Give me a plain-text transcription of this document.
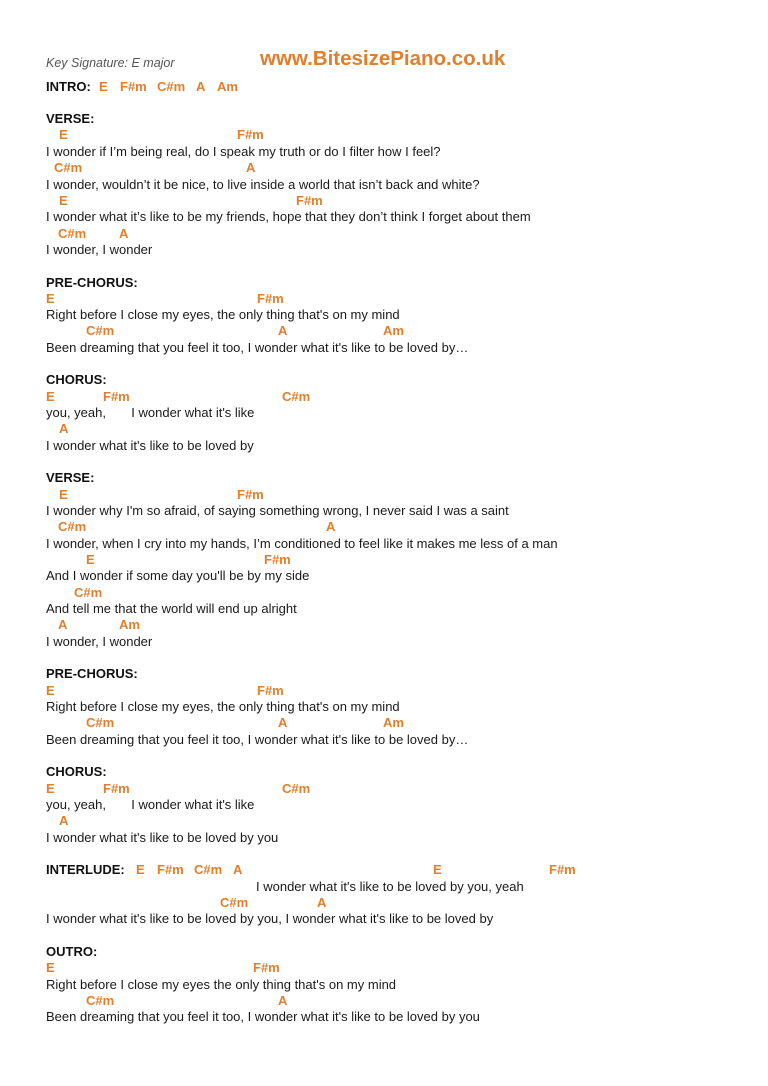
Key Signature: E major	www.BitesizePiano.co.uk
INTRO: E F#m C#m A Am
VERSE:
E	F#m
I wonder if I’m being real, do I speak my truth or do I filter how I feel?
C#m	A
I wonder, wouldn’t it be nice, to live inside a world that isn’t back and white?
E	F#m
I wonder what it’s like to be my friends, hope that they don’t think I forget about them
C#m	A
I wonder, I wonder
PRE-CHORUS:
E	F#m
Right before I close my eyes, the only thing that's on my mind
C#m	A	Am
Been dreaming that you feel it too, I wonder what it's like to be loved by…
CHORUS:
E	F#m	C#m
you, yeah,       I wonder what it's like
A
I wonder what it's like to be loved by
VERSE:
E	F#m
I wonder why I'm so afraid, of saying something wrong, I never said I was a saint
C#m	A
I wonder, when I cry into my hands, I’m conditioned to feel like it makes me less of a man
E	F#m
And I wonder if some day you'll be by my side
C#m
And tell me that the world will end up alright
A	Am
I wonder, I wonder
PRE-CHORUS:
E	F#m
Right before I close my eyes, the only thing that's on my mind
C#m	A	Am
Been dreaming that you feel it too, I wonder what it's like to be loved by…
CHORUS:
E	F#m	C#m
you, yeah,       I wonder what it's like
A
I wonder what it's like to be loved by you
INTERLUDE: E F#m C#m A	E	F#m
I wonder what it's like to be loved by you, yeah
C#m	A
I wonder what it's like to be loved by you, I wonder what it's like to be loved by
OUTRO:
E	F#m
Right before I close my eyes the only thing that's on my mind
C#m	A
Been dreaming that you feel it too, I wonder what it's like to be loved by you
